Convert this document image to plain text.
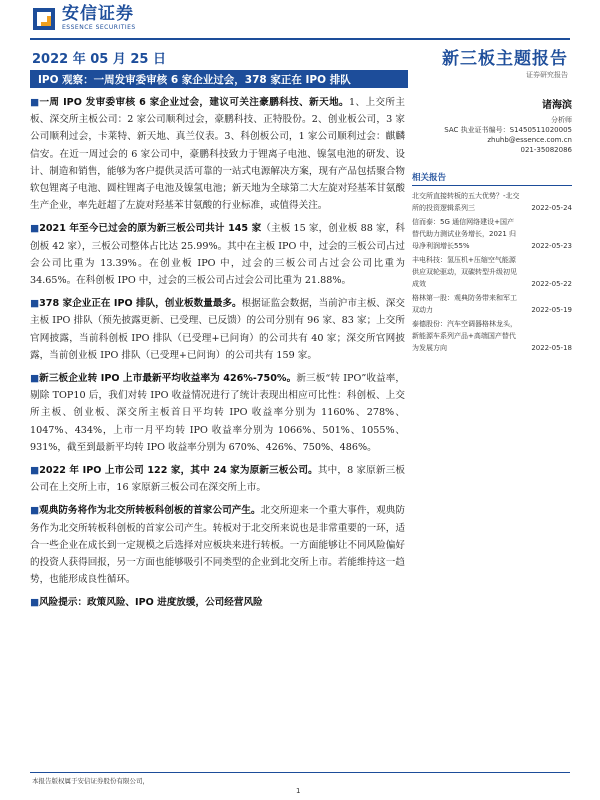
安信证券
ESSENCE SECURITIES
2022 年 05 月 25 日	新三板主题报告
证券研究报告
IPO 观察：一周发审委审核 6 家企业过会，378 家正在 IPO 排队

■一周 IPO 发审委审核 6 家企业过会，建议可关注豪鹏科技、新天地。1、上交所主板、深交所主板公司：2 家公司顺利过会，豪鹏科技、正特股份。2、创业板公司，3 家公司顺利过会，卡莱特、新天地、真兰仪表。3、科创板公司，1 家公司顺利过会：麒麟信安。在近一周过会的 6 家公司中，豪鹏科技致力于锂离子电池、镍氢电池的研发、设计、制造和销售，能够为客户提供灵活可靠的一站式电源解决方案，现有产品包括聚合物软包锂离子电池、圆柱锂离子电池及镍氢电池；新天地为全球第二大左旋对羟基苯甘氨酸生产企业，率先赶超了左旋对羟基苯甘氨酸的行业标准，或值得关注。

■2021 年至今已过会的原为新三板公司共计 145 家（主板 15 家，创业板 88 家，科创板 42 家），三板公司整体占比达 25.99%。其中在主板 IPO 中，过会的三板公司占过会公司比重为 13.39%。在创业板 IPO 中，过会的三板公司占过会公司比重为 34.65%。在科创板 IPO 中，过会的三板公司占过会公司比重为 21.88%。

■378 家企业正在 IPO 排队，创业板数量最多。根据证监会数据，当前沪市主板、深交主板 IPO 排队（预先披露更新、已受理、已反馈）的公司分别有 96 家、83 家；上交所官网披露，当前科创板 IPO 排队（已受理+已问询）的公司共有 40 家；深交所官网披露，当前创业板 IPO 排队（已受理+已问询）的公司共有 159 家。

■新三板企业转 IPO 上市最新平均收益率为 426%-750%。新三板“转 IPO”收益率，剔除 TOP10 后，我们对转 IPO 收益情况进行了统计表现出相应可比性：科创板、上交所主板、创业板、深交所主板首日平均转 IPO 收益率分别为 1160%、278%、1047%、434%，上市一月平均转 IPO 收益率分别为 1066%、501%、1055%、931%，截至到最新平均转 IPO 收益率分别为 670%、426%、750%、486%。

■2022 年 IPO 上市公司 122 家，其中 24 家为原新三板公司。其中，8 家原新三板公司在上交所上市，16 家原新三板公司在深交所上市。

■观典防务将作为北交所转板科创板的首家公司产生。北交所迎来一个重大事件，观典防务作为北交所转板科创板的首家公司产生。转板对于北交所来说也是非常重要的一环，适合一些企业在成长到一定规模之后选择对应板块来进行转板。一方面能够让不同风险偏好的投资人获得回报，另一方面也能够吸引不同类型的企业到北交所上市。若能维持这一趋势，也能形成良性循环。

■风险提示：政策风险、IPO 进度放缓，公司经营风险

诸海滨
分析师
SAC 执业证书编号：S1450511020005
zhuhb@essence.com.cn
021-35082086
相关报告
北交所直接转板的五大优势？-北交所的投资逻辑系列三	2022-05-24
信而泰：5G 通信网络建设+国产替代助力测试业务增长，2021 归母净利润增长55%	2022-05-23
丰电科技：氢压机+压缩空气能源供应双轮驱动，双碳转型升级初见成效	2022-05-22
格林第一股：观典防务带来和军工双动力	2022-05-19
泰德股份：汽车空调器格林龙头，新能源车系列产品+高端国产替代为发展方向	2022-05-18
本报告版权属于安信证券股份有限公司，
1
